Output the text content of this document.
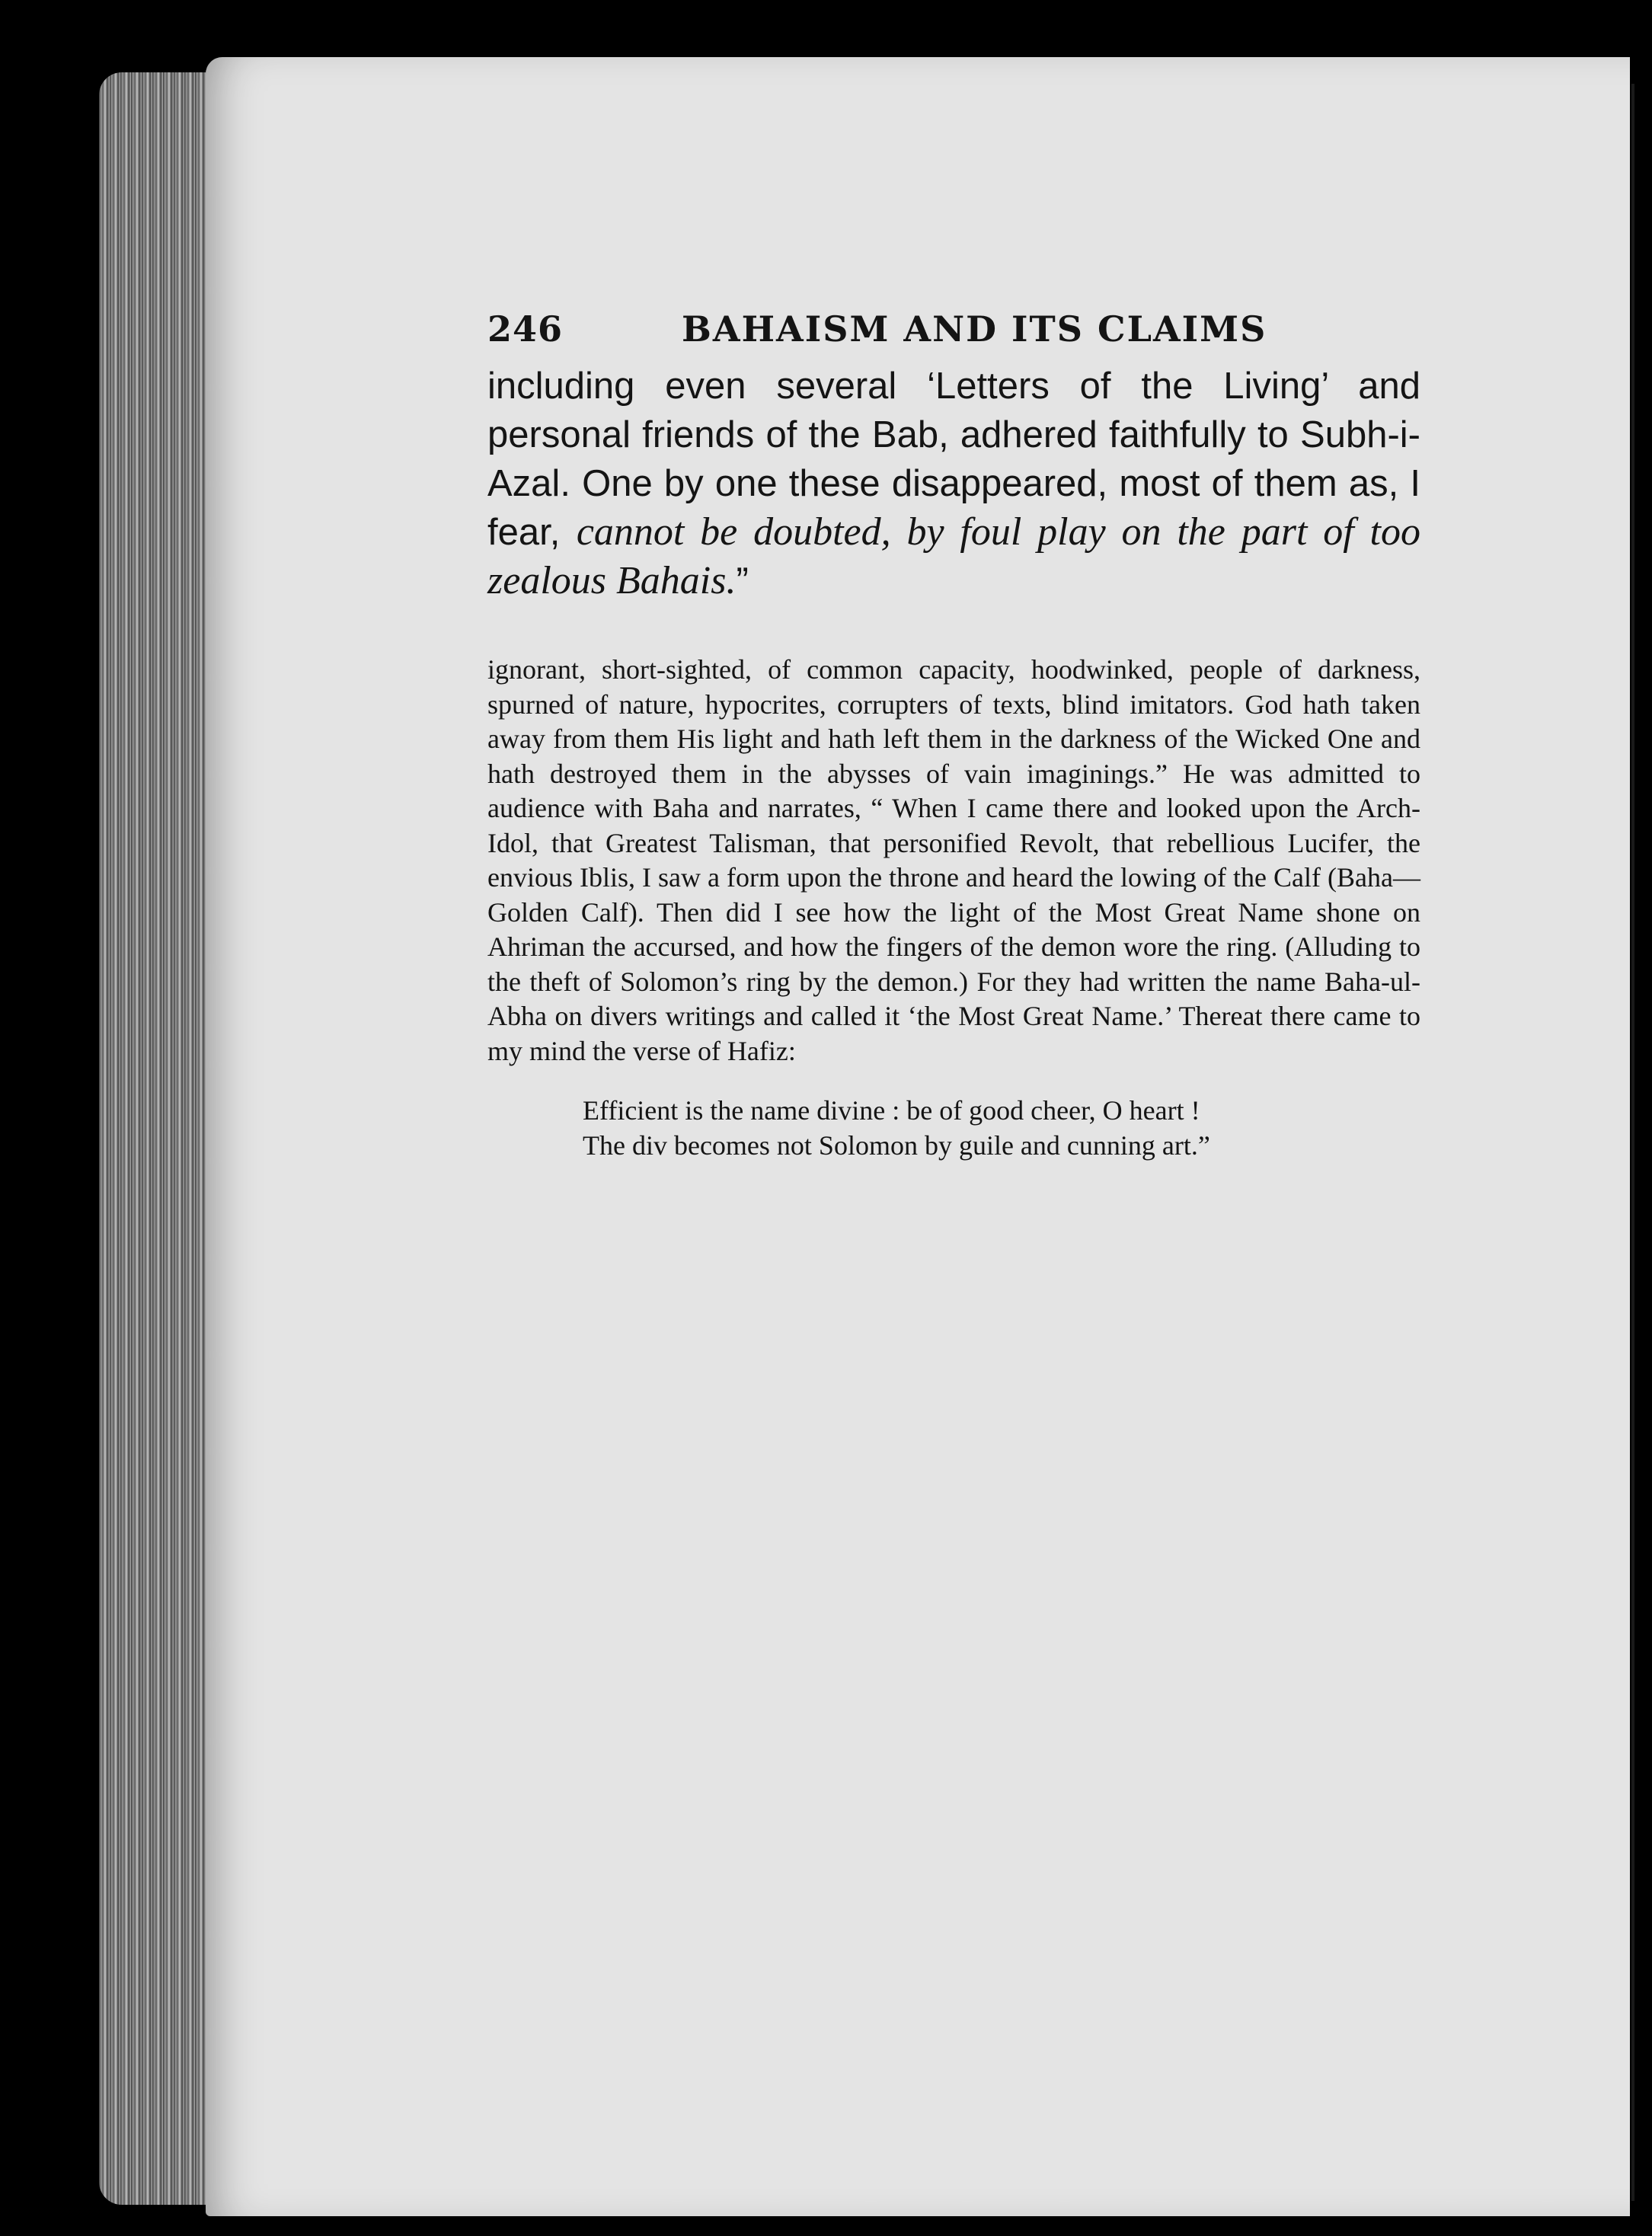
246	BAHAISM AND ITS CLAIMS

including even several ‘Letters of the Living’ and personal friends of the Bab, adhered faithfully to Subh-i-Azal. One by one these disappeared, most of them as, I fear, cannot be doubted, by foul play on the part of too zealous Bahais.”

ignorant, short-sighted, of common capacity, hoodwinked, people of darkness, spurned of nature, hypocrites, corrupters of texts, blind imitators. God hath taken away from them His light and hath left them in the darkness of the Wicked One and hath destroyed them in the abysses of vain imaginings.” He was admitted to audience with Baha and narrates, “ When I came there and looked upon the Arch-Idol, that Greatest Talisman, that personified Revolt, that rebellious Lucifer, the envious Iblis, I saw a form upon the throne and heard the lowing of the Calf (Baha—Golden Calf). Then did I see how the light of the Most Great Name shone on Ahriman the accursed, and how the fingers of the demon wore the ring. (Alluding to the theft of Solomon’s ring by the demon.) For they had written the name Baha-ul-Abha on divers writings and called it ‘the Most Great Name.’ Thereat there came to my mind the verse of Hafiz:

Efficient is the name divine : be of good cheer, O heart !
The div becomes not Solomon by guile and cunning art.”
